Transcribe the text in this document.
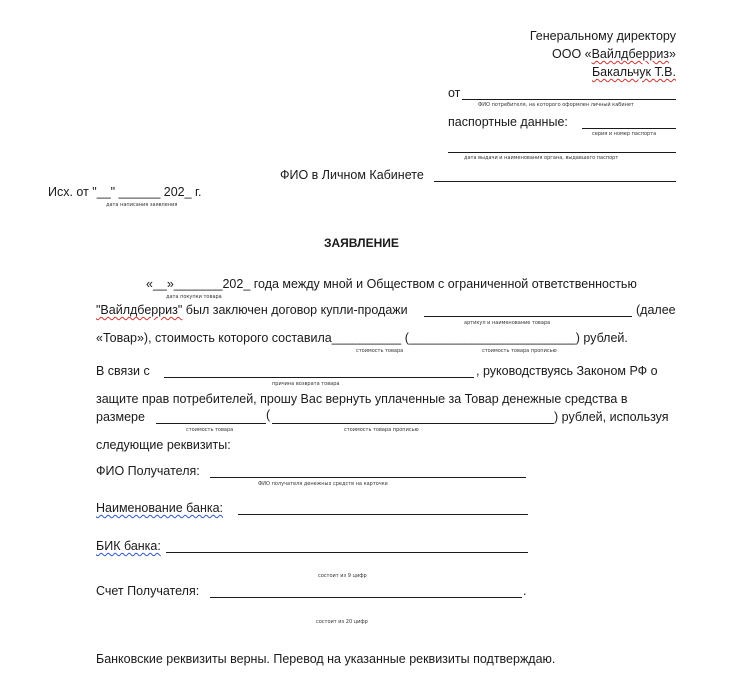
Генеральному директору
ООО «Вайлдберриз»
Бакальчук Т.В.
от
ФИО потребителя, на которого оформлен личный кабинет
паспортные данные:
серия и номер паспорта
дата выдачи и наименования органа, выдавшего паспорт
ФИО в Личном Кабинете
Исх. от "__" ______ 202_ г.
дата написания заявления
ЗАЯВЛЕНИЕ
«__»_______202_ года между мной и Обществом с ограниченной ответственностью
дата покупки товара
"Вайлдберриз" был заключен договор купли-продажи	(далее
артикул и наименование товара
«Товар»), стоимость которого составила__________ (________________________) рублей.
стоимость товара	стоимость товара прописью
В связи с	, руководствуясь Законом РФ о
причина возврата товара
защите прав потребителей, прошу Вас вернуть уплаченные за Товар денежные средства в
размере	(	) рублей, используя
стоимость товара	стоимость товара прописью
следующие реквизиты:
ФИО Получателя:
ФИО получателя денежных средств на карточке
Наименование банка:
БИК банка:
состоит из 9 цифр
Счет Получателя:	.
состоит из 20 цифр
Банковские реквизиты верны. Перевод на указанные реквизиты подтверждаю.
